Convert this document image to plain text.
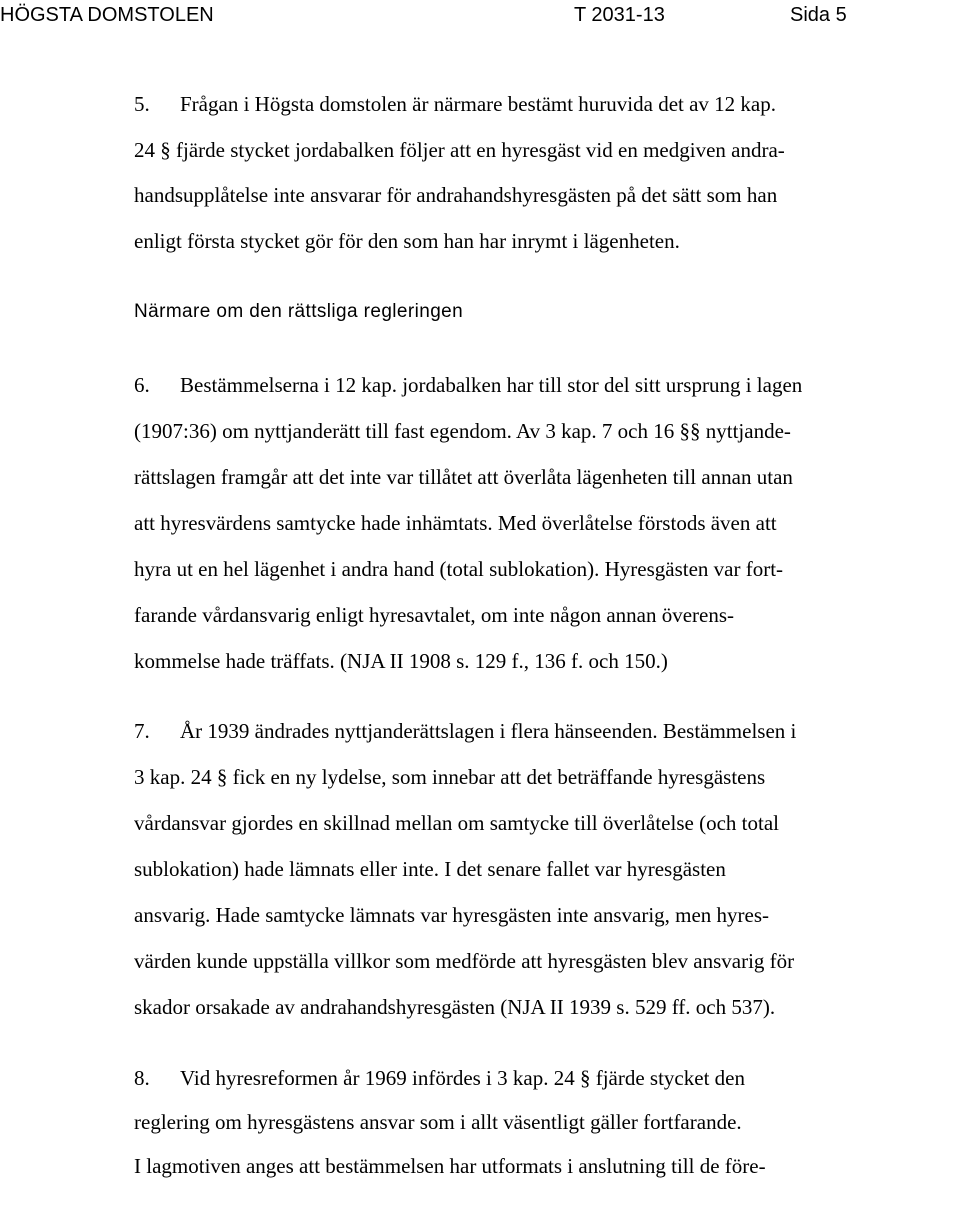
HÖGSTA DOMSTOLEN	T 2031-13	Sida 5
5. Frågan i Högsta domstolen är närmare bestämt huruvida det av 12 kap.
24 § fjärde stycket jordabalken följer att en hyresgäst vid en medgiven andra-
handsupplåtelse inte ansvarar för andrahandshyresgästen på det sätt som han
enligt första stycket gör för den som han har inrymt i lägenheten.
Närmare om den rättsliga regleringen
6. Bestämmelserna i 12 kap. jordabalken har till stor del sitt ursprung i lagen
(1907:36) om nyttjanderätt till fast egendom. Av 3 kap. 7 och 16 §§ nyttjande-
rättslagen framgår att det inte var tillåtet att överlåta lägenheten till annan utan
att hyresvärdens samtycke hade inhämtats. Med överlåtelse förstods även att
hyra ut en hel lägenhet i andra hand (total sublokation). Hyresgästen var fort-
farande vårdansvarig enligt hyresavtalet, om inte någon annan överens-
kommelse hade träffats. (NJA II 1908 s. 129 f., 136 f. och 150.)
7. År 1939 ändrades nyttjanderättslagen i flera hänseenden. Bestämmelsen i
3 kap. 24 § fick en ny lydelse, som innebar att det beträffande hyresgästens
vårdansvar gjordes en skillnad mellan om samtycke till överlåtelse (och total
sublokation) hade lämnats eller inte. I det senare fallet var hyresgästen
ansvarig. Hade samtycke lämnats var hyresgästen inte ansvarig, men hyres-
värden kunde uppställa villkor som medförde att hyresgästen blev ansvarig för
skador orsakade av andrahandshyresgästen (NJA II 1939 s. 529 ff. och 537).
8. Vid hyresreformen år 1969 infördes i 3 kap. 24 § fjärde stycket den
reglering om hyresgästens ansvar som i allt väsentligt gäller fortfarande.
I lagmotiven anges att bestämmelsen har utformats i anslutning till de före-
